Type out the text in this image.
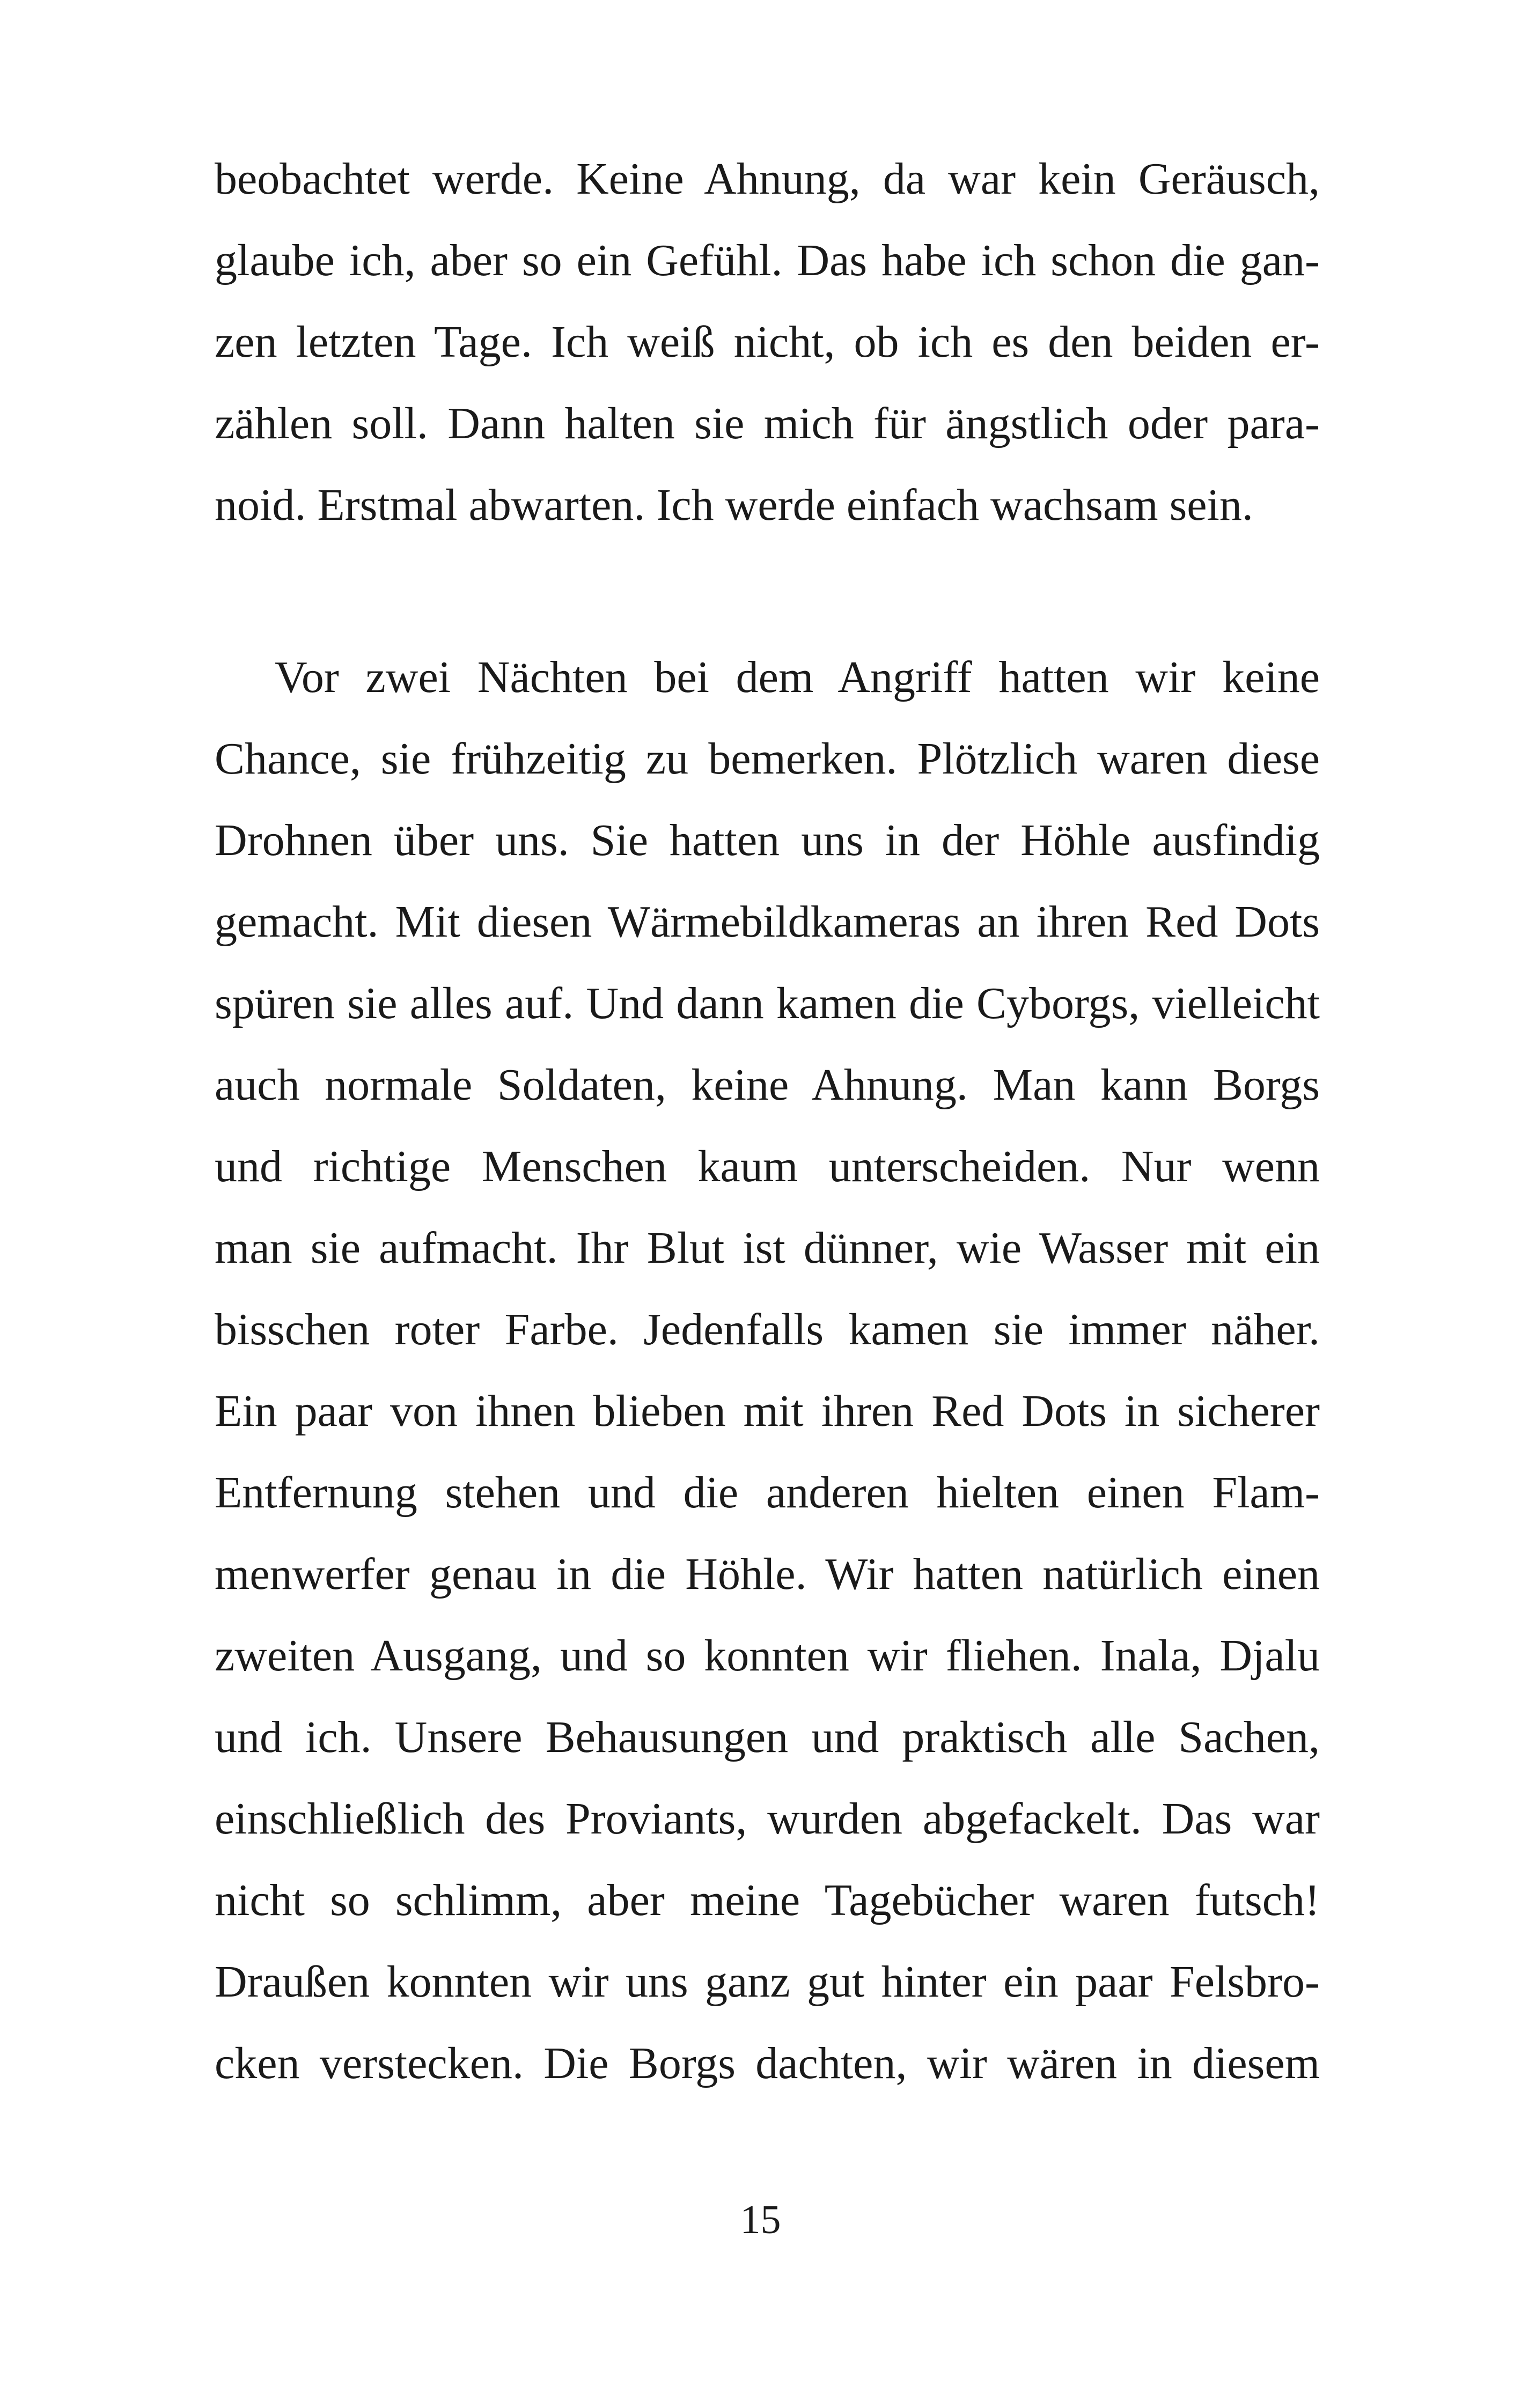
beobachtet werde. Keine Ahnung, da war kein Geräusch,
glaube ich, aber so ein Gefühl. Das habe ich schon die gan-
zen letzten Tage. Ich weiß nicht, ob ich es den beiden er-
zählen soll. Dann halten sie mich für ängstlich oder para-
noid. Erstmal abwarten. Ich werde einfach wachsam sein.
Vor zwei Nächten bei dem Angriff hatten wir keine
Chance, sie frühzeitig zu bemerken. Plötzlich waren diese
Drohnen über uns. Sie hatten uns in der Höhle ausfindig
gemacht. Mit diesen Wärmebildkameras an ihren Red Dots
spüren sie alles auf. Und dann kamen die Cyborgs, vielleicht
auch normale Soldaten, keine Ahnung. Man kann Borgs
und richtige Menschen kaum unterscheiden. Nur wenn
man sie aufmacht. Ihr Blut ist dünner, wie Wasser mit ein
bisschen roter Farbe. Jedenfalls kamen sie immer näher.
Ein paar von ihnen blieben mit ihren Red Dots in sicherer
Entfernung stehen und die anderen hielten einen Flam-
menwerfer genau in die Höhle. Wir hatten natürlich einen
zweiten Ausgang, und so konnten wir fliehen. Inala, Djalu
und ich. Unsere Behausungen und praktisch alle Sachen,
einschließlich des Proviants, wurden abgefackelt. Das war
nicht so schlimm, aber meine Tagebücher waren futsch!
Draußen konnten wir uns ganz gut hinter ein paar Felsbro-
cken verstecken. Die Borgs dachten, wir wären in diesem
15
